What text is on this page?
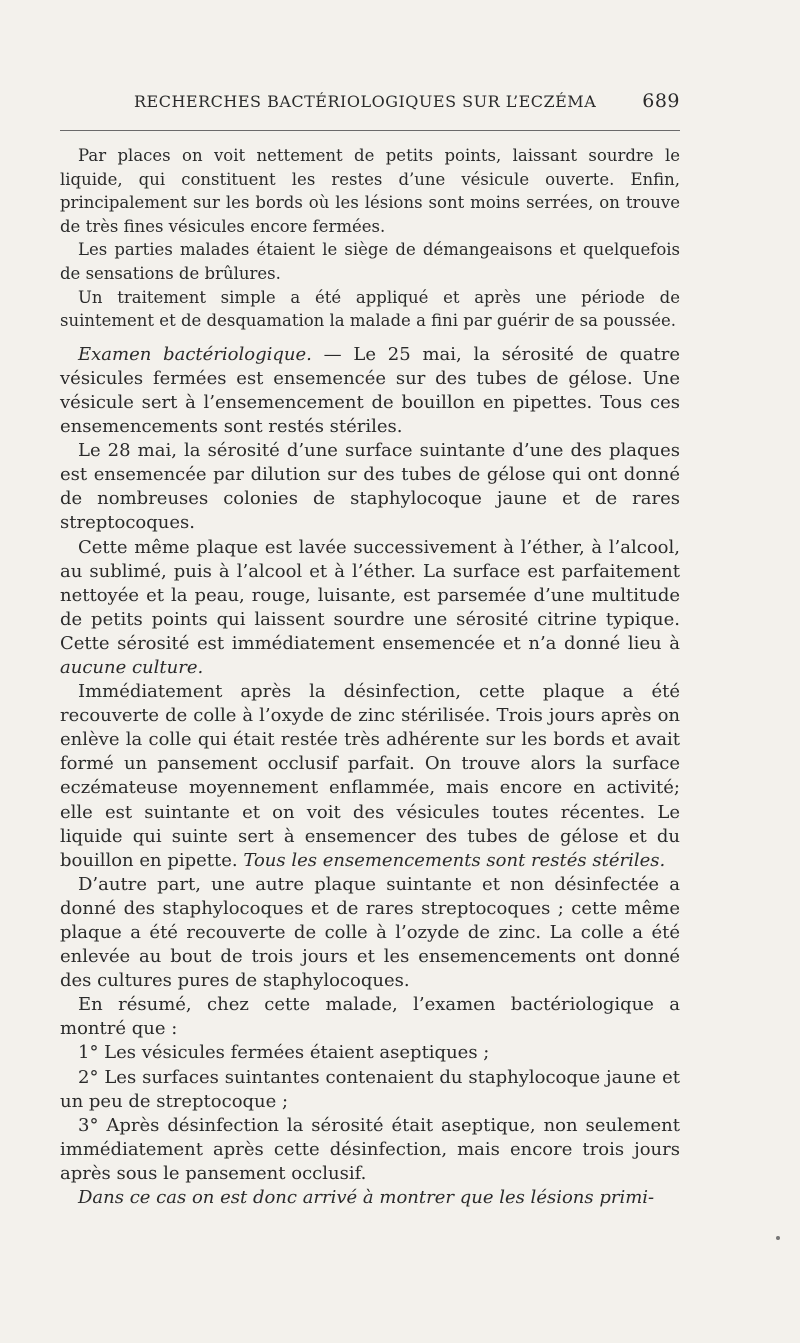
RECHERCHES BACTÉRIOLOGIQUES SUR L’ECZÉMA 689

Par places on voit nettement de petits points, laissant sourdre le liquide, qui constituent les restes d’une vésicule ouverte. Enfin, principalement sur les bords où les lésions sont moins serrées, on trouve de très fines vésicules encore fermées.

Les parties malades étaient le siège de démangeaisons et quelquefois de sensations de brûlures.

Un traitement simple a été appliqué et après une période de suintement et de desquamation la malade a fini par guérir de sa poussée.

Examen bactériologique. — Le 25 mai, la sérosité de quatre vésicules fermées est ensemencée sur des tubes de gélose. Une vésicule sert à l’ensemencement de bouillon en pipettes. Tous ces ensemencements sont restés stériles.

Le 28 mai, la sérosité d’une surface suintante d’une des plaques est ensemencée par dilution sur des tubes de gélose qui ont donné de nombreuses colonies de staphylocoque jaune et de rares streptocoques.

Cette même plaque est lavée successivement à l’éther, à l’alcool, au sublimé, puis à l’alcool et à l’éther. La surface est parfaitement nettoyée et la peau, rouge, luisante, est parsemée d’une multitude de petits points qui laissent sourdre une sérosité citrine typique. Cette sérosité est immédiatement ensemencée et n’a donné lieu à aucune culture.

Immédiatement après la désinfection, cette plaque a été recouverte de colle à l’oxyde de zinc stérilisée. Trois jours après on enlève la colle qui était restée très adhérente sur les bords et avait formé un pansement occlusif parfait. On trouve alors la surface eczémateuse moyennement enflammée, mais encore en activité; elle est suintante et on voit des vésicules toutes récentes. Le liquide qui suinte sert à ensemencer des tubes de gélose et du bouillon en pipette. Tous les ensemencements sont restés stériles.

D’autre part, une autre plaque suintante et non désinfectée a donné des staphylocoques et de rares streptocoques ; cette même plaque a été recouverte de colle à l’ozyde de zinc. La colle a été enlevée au bout de trois jours et les ensemencements ont donné des cultures pures de staphylocoques.

En résumé, chez cette malade, l’examen bactériologique a montré que :

1° Les vésicules fermées étaient aseptiques ;

2° Les surfaces suintantes contenaient du staphylocoque jaune et un peu de streptocoque ;

3° Après désinfection la sérosité était aseptique, non seulement immédiatement après cette désinfection, mais encore trois jours après sous le pansement occlusif.

Dans ce cas on est donc arrivé à montrer que les lésions primi-
